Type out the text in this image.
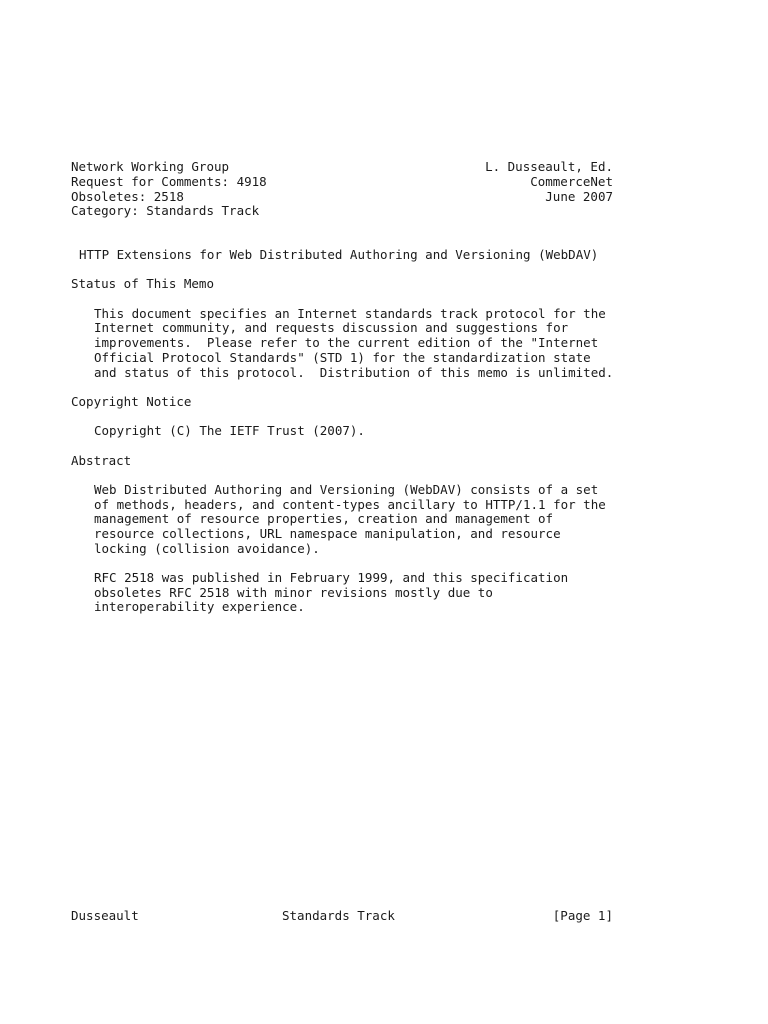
Network Working Group
Request for Comments: 4918
Obsoletes: 2518
Category: Standards Track
L. Dusseault, Ed.
CommerceNet
June 2007
HTTP Extensions for Web Distributed Authoring and Versioning (WebDAV)
Status of This Memo
This document specifies an Internet standards track protocol for the
Internet community, and requests discussion and suggestions for
improvements.  Please refer to the current edition of the "Internet
Official Protocol Standards" (STD 1) for the standardization state
and status of this protocol.  Distribution of this memo is unlimited.
Copyright Notice
Copyright (C) The IETF Trust (2007).
Abstract
Web Distributed Authoring and Versioning (WebDAV) consists of a set
of methods, headers, and content-types ancillary to HTTP/1.1 for the
management of resource properties, creation and management of
resource collections, URL namespace manipulation, and resource
locking (collision avoidance).
RFC 2518 was published in February 1999, and this specification
obsoletes RFC 2518 with minor revisions mostly due to
interoperability experience.
Dusseault	Standards Track	[Page 1]
